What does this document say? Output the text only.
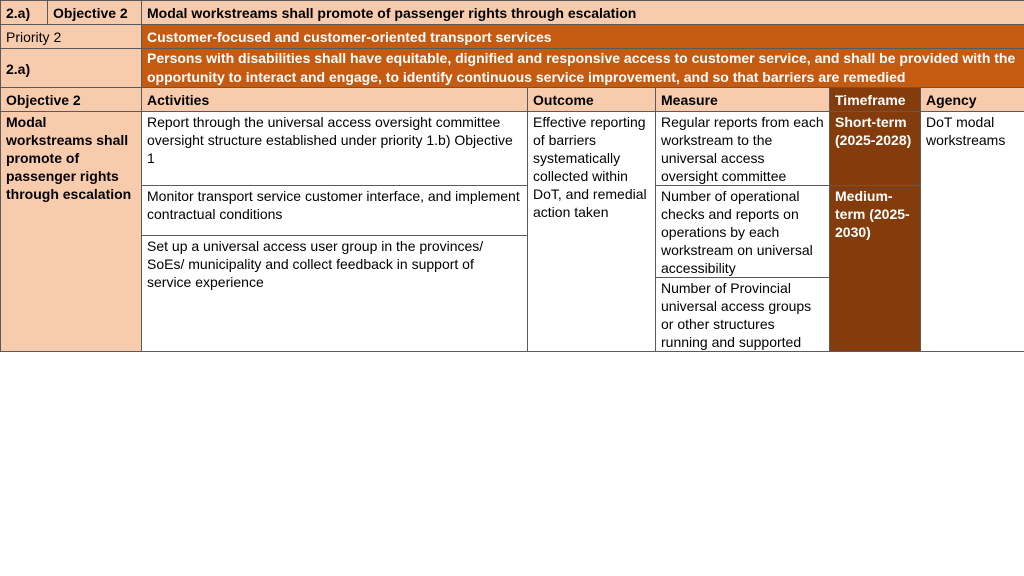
2.a)	Objective 2	Modal workstreams shall promote of passenger rights through escalation				
Priority 2		Customer-focused and customer-oriented transport services				
2.a)		Persons with disabilities shall have equitable, dignified and responsive access to customer service, and shall be provided with the opportunity to interact and engage, to identify continuous service improvement, and so that barriers are remedied				
Objective 2		Activities	Outcome	Measure	Timeframe	Agency
Modal workstreams shall promote of passenger rights through escalation		Report through the universal access oversight committee oversight structure established under priority 1.b) Objective 1	Effective reporting of barriers systematically collected within DoT, and remedial action taken	Regular reports from each workstream to the universal access oversight committee	Short-term (2025-2028)	DoT modal workstreams
		Monitor transport service customer interface, and implement contractual conditions		Number of operational checks and reports on operations by each workstream on universal accessibility	Medium-term (2025-2030)	
		Set up a universal access user group in the provinces/ SoEs/ municipality and collect feedback in support of service experience				
				Number of Provincial universal access groups or other structures running and supported		
